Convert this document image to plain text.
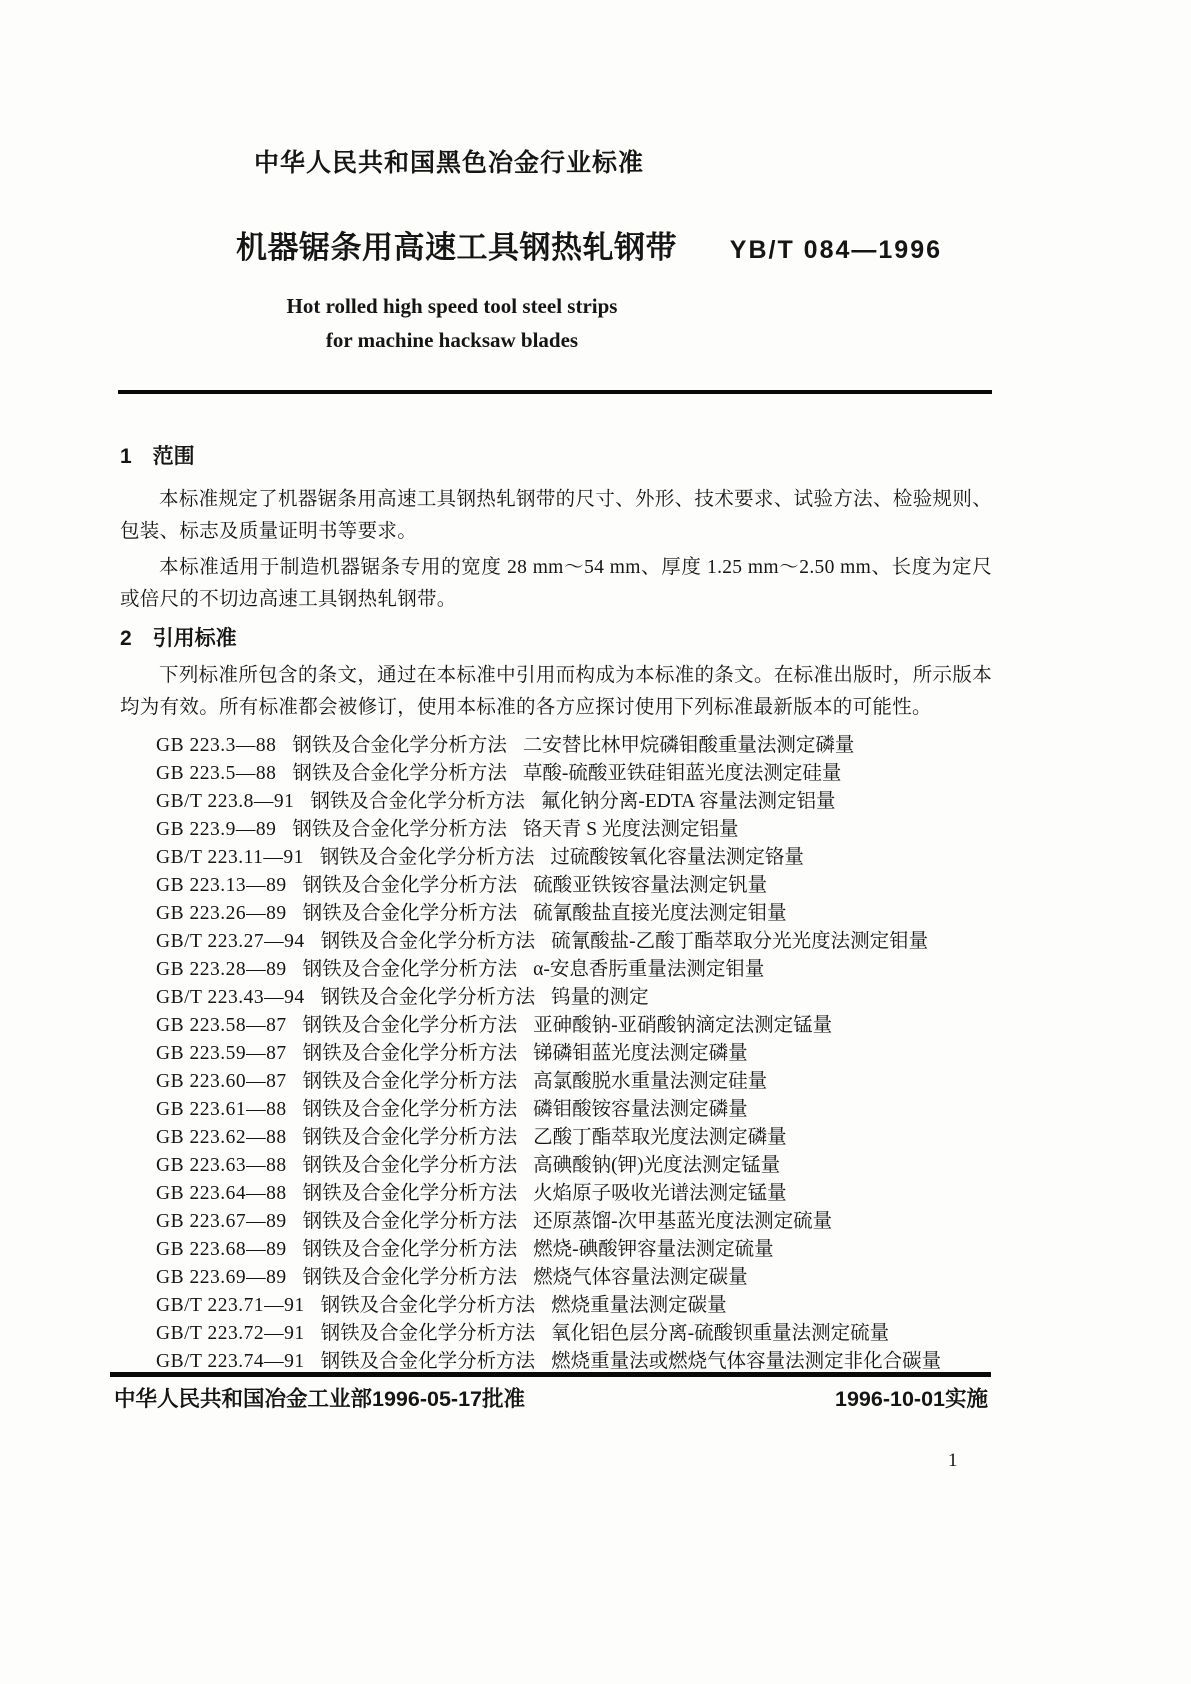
中华人民共和国黑色冶金行业标准
机器锯条用高速工具钢热轧钢带 YB/T 084—1996
Hot rolled high speed tool steel strips
for machine hacksaw blades
1　范围

本标准规定了机器锯条用高速工具钢热轧钢带的尺寸、外形、技术要求、试验方法、检验规则、包装、标志及质量证明书等要求。

本标准适用于制造机器锯条专用的宽度 28 mm～54 mm、厚度 1.25 mm～2.50 mm、长度为定尺或倍尺的不切边高速工具钢热轧钢带。

2　引用标准

下列标准所包含的条文，通过在本标准中引用而构成为本标准的条文。在标准出版时，所示版本均为有效。所有标准都会被修订，使用本标准的各方应探讨使用下列标准最新版本的可能性。

GB 223.3—88 钢铁及合金化学分析方法 二安替比林甲烷磷钼酸重量法测定磷量
GB 223.5—88 钢铁及合金化学分析方法 草酸-硫酸亚铁硅钼蓝光度法测定硅量
GB/T 223.8—91 钢铁及合金化学分析方法 氟化钠分离-EDTA 容量法测定铝量
GB 223.9—89 钢铁及合金化学分析方法 铬天青 S 光度法测定铝量
GB/T 223.11—91 钢铁及合金化学分析方法 过硫酸铵氧化容量法测定铬量
GB 223.13—89 钢铁及合金化学分析方法 硫酸亚铁铵容量法测定钒量
GB 223.26—89 钢铁及合金化学分析方法 硫氰酸盐直接光度法测定钼量
GB/T 223.27—94 钢铁及合金化学分析方法 硫氰酸盐-乙酸丁酯萃取分光光度法测定钼量
GB 223.28—89 钢铁及合金化学分析方法 α-安息香肟重量法测定钼量
GB/T 223.43—94 钢铁及合金化学分析方法 钨量的测定
GB 223.58—87 钢铁及合金化学分析方法 亚砷酸钠-亚硝酸钠滴定法测定锰量
GB 223.59—87 钢铁及合金化学分析方法 锑磷钼蓝光度法测定磷量
GB 223.60—87 钢铁及合金化学分析方法 高氯酸脱水重量法测定硅量
GB 223.61—88 钢铁及合金化学分析方法 磷钼酸铵容量法测定磷量
GB 223.62—88 钢铁及合金化学分析方法 乙酸丁酯萃取光度法测定磷量
GB 223.63—88 钢铁及合金化学分析方法 高碘酸钠(钾)光度法测定锰量
GB 223.64—88 钢铁及合金化学分析方法 火焰原子吸收光谱法测定锰量
GB 223.67—89 钢铁及合金化学分析方法 还原蒸馏-次甲基蓝光度法测定硫量
GB 223.68—89 钢铁及合金化学分析方法 燃烧-碘酸钾容量法测定硫量
GB 223.69—89 钢铁及合金化学分析方法 燃烧气体容量法测定碳量
GB/T 223.71—91 钢铁及合金化学分析方法 燃烧重量法测定碳量
GB/T 223.72—91 钢铁及合金化学分析方法 氧化铝色层分离-硫酸钡重量法测定硫量
GB/T 223.74—91 钢铁及合金化学分析方法 燃烧重量法或燃烧气体容量法测定非化合碳量
中华人民共和国冶金工业部1996-05-17批准	1996-10-01实施
1
